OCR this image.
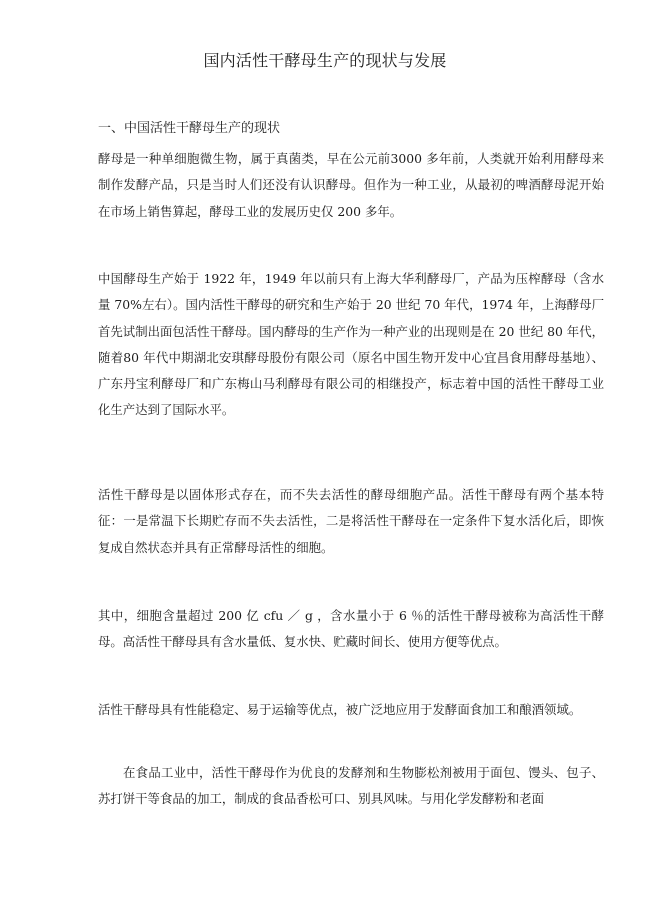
国内活性干酵母生产的现状与发展
一、中国活性干酵母生产的现状

酵母是一种单细胞微生物，属于真菌类，早在公元前3000 多年前，人类就开始利用酵母来制作发酵产品，只是当时人们还没有认识酵母。但作为一种工业，从最初的啤酒酵母泥开始在市场上销售算起，酵母工业的发展历史仅 200 多年。

中国酵母生产始于 1922 年，1949 年以前只有上海大华利酵母厂，产品为压榨酵母（含水量 70%左右）。国内活性干酵母的研究和生产始于 20 世纪 70 年代，1974 年，上海酵母厂首先试制出面包活性干酵母。国内酵母的生产作为一种产业的出现则是在 20 世纪 80 年代，随着80 年代中期湖北安琪酵母股份有限公司（原名中国生物开发中心宜昌食用酵母基地）、广东丹宝利酵母厂和广东梅山马利酵母有限公司的相继投产，标志着中国的活性干酵母工业化生产达到了国际水平。

活性干酵母是以固体形式存在，而不失去活性的酵母细胞产品。活性干酵母有两个基本特征：一是常温下长期贮存而不失去活性，二是将活性干酵母在一定条件下复水活化后，即恢复成自然状态并具有正常酵母活性的细胞。

其中，细胞含量超过 200 亿 cfu ／ g ，含水量小于 6 ％的活性干酵母被称为高活性干酵母。高活性干酵母具有含水量低、复水快、贮藏时间长、使用方便等优点。

活性干酵母具有性能稳定、易于运输等优点，被广泛地应用于发酵面食加工和酿酒领域。

在食品工业中，活性干酵母作为优良的发酵剂和生物膨松剂被用于面包、馒头、包子、苏打饼干等食品的加工，制成的食品香松可口、别具风味。与用化学发酵粉和老面
